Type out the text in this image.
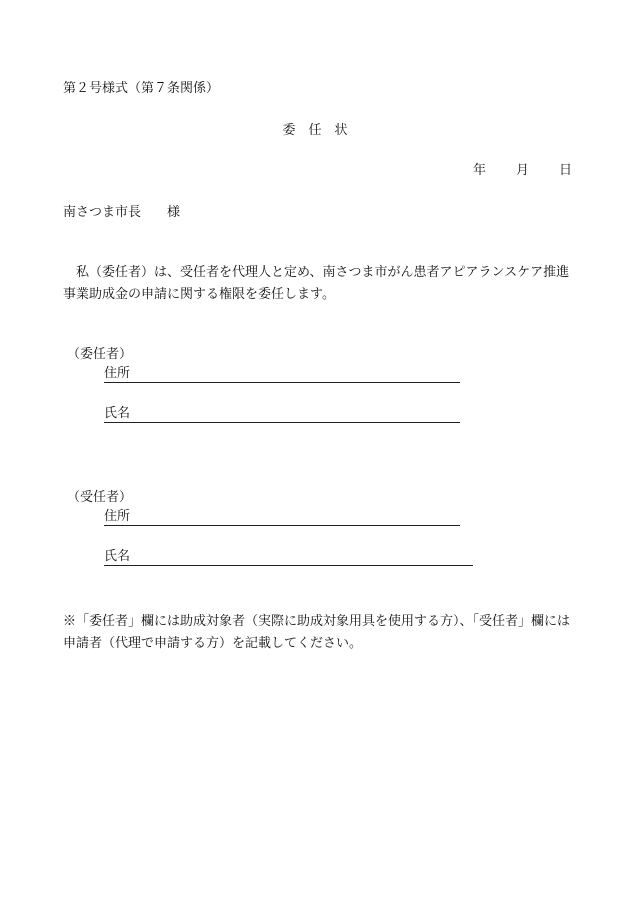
第２号様式（第７条関係）
委任状
年 月 日
南さつま市長 様
私（委任者）は、受任者を代理人と定め、南さつま市がん患者アピアランスケア推進事業助成金の申請に関する権限を委任します。
（委任者）
住所
氏名
（受任者）
住所
氏名
※「委任者」欄には助成対象者（実際に助成対象用具を使用する方）、「受任者」欄には申請者（代理で申請する方）を記載してください。
